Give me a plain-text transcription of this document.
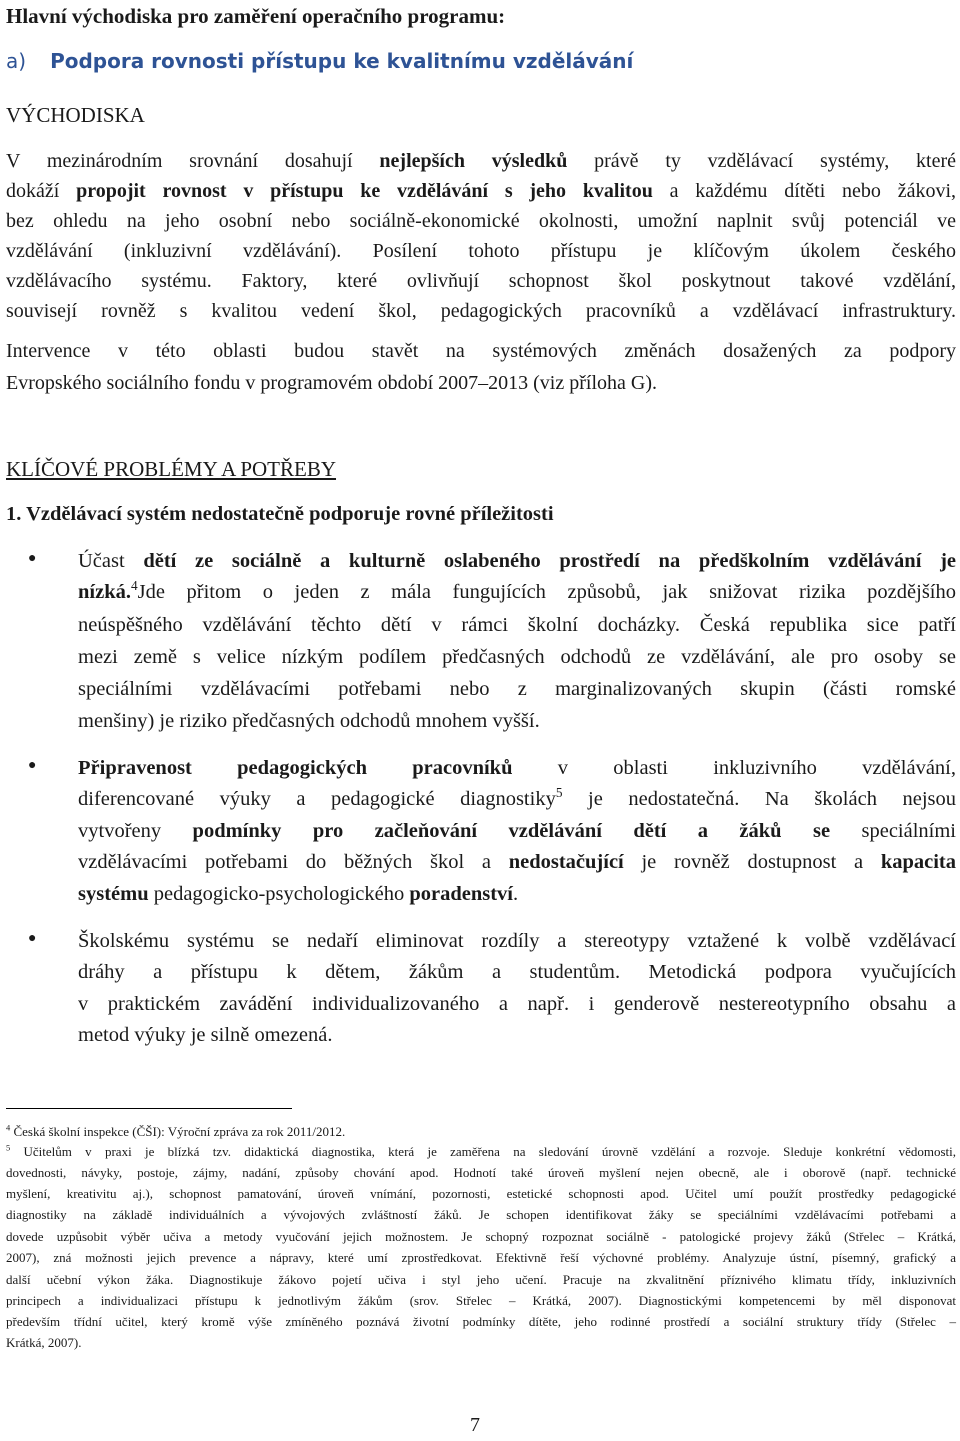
Hlavní východiska pro zaměření operačního programu:
a) Podpora rovnosti přístupu ke kvalitnímu vzdělávání
VÝCHODISKA
V mezinárodním srovnání dosahují nejlepších výsledků právě ty vzdělávací systémy, které
dokáží propojit rovnost v přístupu ke vzdělávání s jeho kvalitou a každému dítěti nebo žákovi,
bez ohledu na jeho osobní nebo sociálně-ekonomické okolnosti, umožní naplnit svůj potenciál ve
vzdělávání (inkluzivní vzdělávání). Posílení tohoto přístupu je klíčovým úkolem českého
vzdělávacího systému. Faktory, které ovlivňují schopnost škol poskytnout takové vzdělání,
souvisejí rovněž s kvalitou vedení škol, pedagogických pracovníků a vzdělávací infrastruktury.
Intervence v této oblasti budou stavět na systémových změnách dosažených za podpory
Evropského sociálního fondu v programovém období 2007–2013 (viz příloha G).
KLÍČOVÉ PROBLÉMY A POTŘEBY
1. Vzdělávací systém nedostatečně podporuje rovné příležitosti
● Účast dětí ze sociálně a kulturně oslabeného prostředí na předškolním vzdělávání je
nízká.$^4$Jde přitom o jeden z mála fungujících způsobů, jak snižovat rizika pozdějšího
neúspěšného vzdělávání těchto dětí v rámci školní docházky. Česká republika sice patří
mezi země s velice nízkým podílem předčasných odchodů ze vzdělávání, ale pro osoby se
speciálními vzdělávacími potřebami nebo z marginalizovaných skupin (části romské
menšiny) je riziko předčasných odchodů mnohem vyšší.
● Připravenost pedagogických pracovníků v oblasti inkluzivního vzdělávání,
diferencované výuky a pedagogické diagnostiky$^5$ je nedostatečná. Na školách nejsou
vytvořeny podmínky pro začleňování vzdělávání dětí a žáků se speciálními
vzdělávacími potřebami do běžných škol a nedostačující je rovněž dostupnost a kapacita
systému pedagogicko-psychologického poradenství.
● Školskému systému se nedaří eliminovat rozdíly a stereotypy vztažené k volbě vzdělávací
dráhy a přístupu k dětem, žákům a studentům. Metodická podpora vyučujících
v praktickém zavádění individualizovaného a např. i genderově nestereotypního obsahu a
metod výuky je silně omezená.
$^4$ Česká školní inspekce (ČŠI): Výroční zpráva za rok 2011/2012.
$^5$ Učitelům v praxi je blízká tzv. didaktická diagnostika, která je zaměřena na sledování úrovně vzdělání a rozvoje. Sleduje konkrétní vědomosti,
dovednosti, návyky, postoje, zájmy, nadání, způsoby chování apod. Hodnotí také úroveň myšlení nejen obecně, ale i oborově (např. technické
myšlení, kreativitu aj.), schopnost pamatování, úroveň vnímání, pozornosti, estetické schopnosti apod. Učitel umí použít prostředky pedagogické
diagnostiky na základě individuálních a vývojových zvláštností žáků. Je schopen identifikovat žáky se speciálními vzdělávacími potřebami a
dovede uzpůsobit výběr učiva a metody vyučování jejich možnostem. Je schopný rozpoznat sociálně - patologické projevy žáků (Střelec – Krátká,
2007), zná možnosti jejich prevence a nápravy, které umí zprostředkovat. Efektivně řeší výchovné problémy. Analyzuje ústní, písemný, grafický a
další učební výkon žáka. Diagnostikuje žákovo pojetí učiva i styl jeho učení. Pracuje na zkvalitnění příznivého klimatu třídy, inkluzivních
principech a individualizaci přístupu k jednotlivým žákům (srov. Střelec – Krátká, 2007). Diagnostickými kompetencemi by měl disponovat
především třídní učitel, který kromě výše zmíněného poznává životní podmínky dítěte, jeho rodinné prostředí a sociální struktury třídy (Střelec –
Krátká, 2007).
7
